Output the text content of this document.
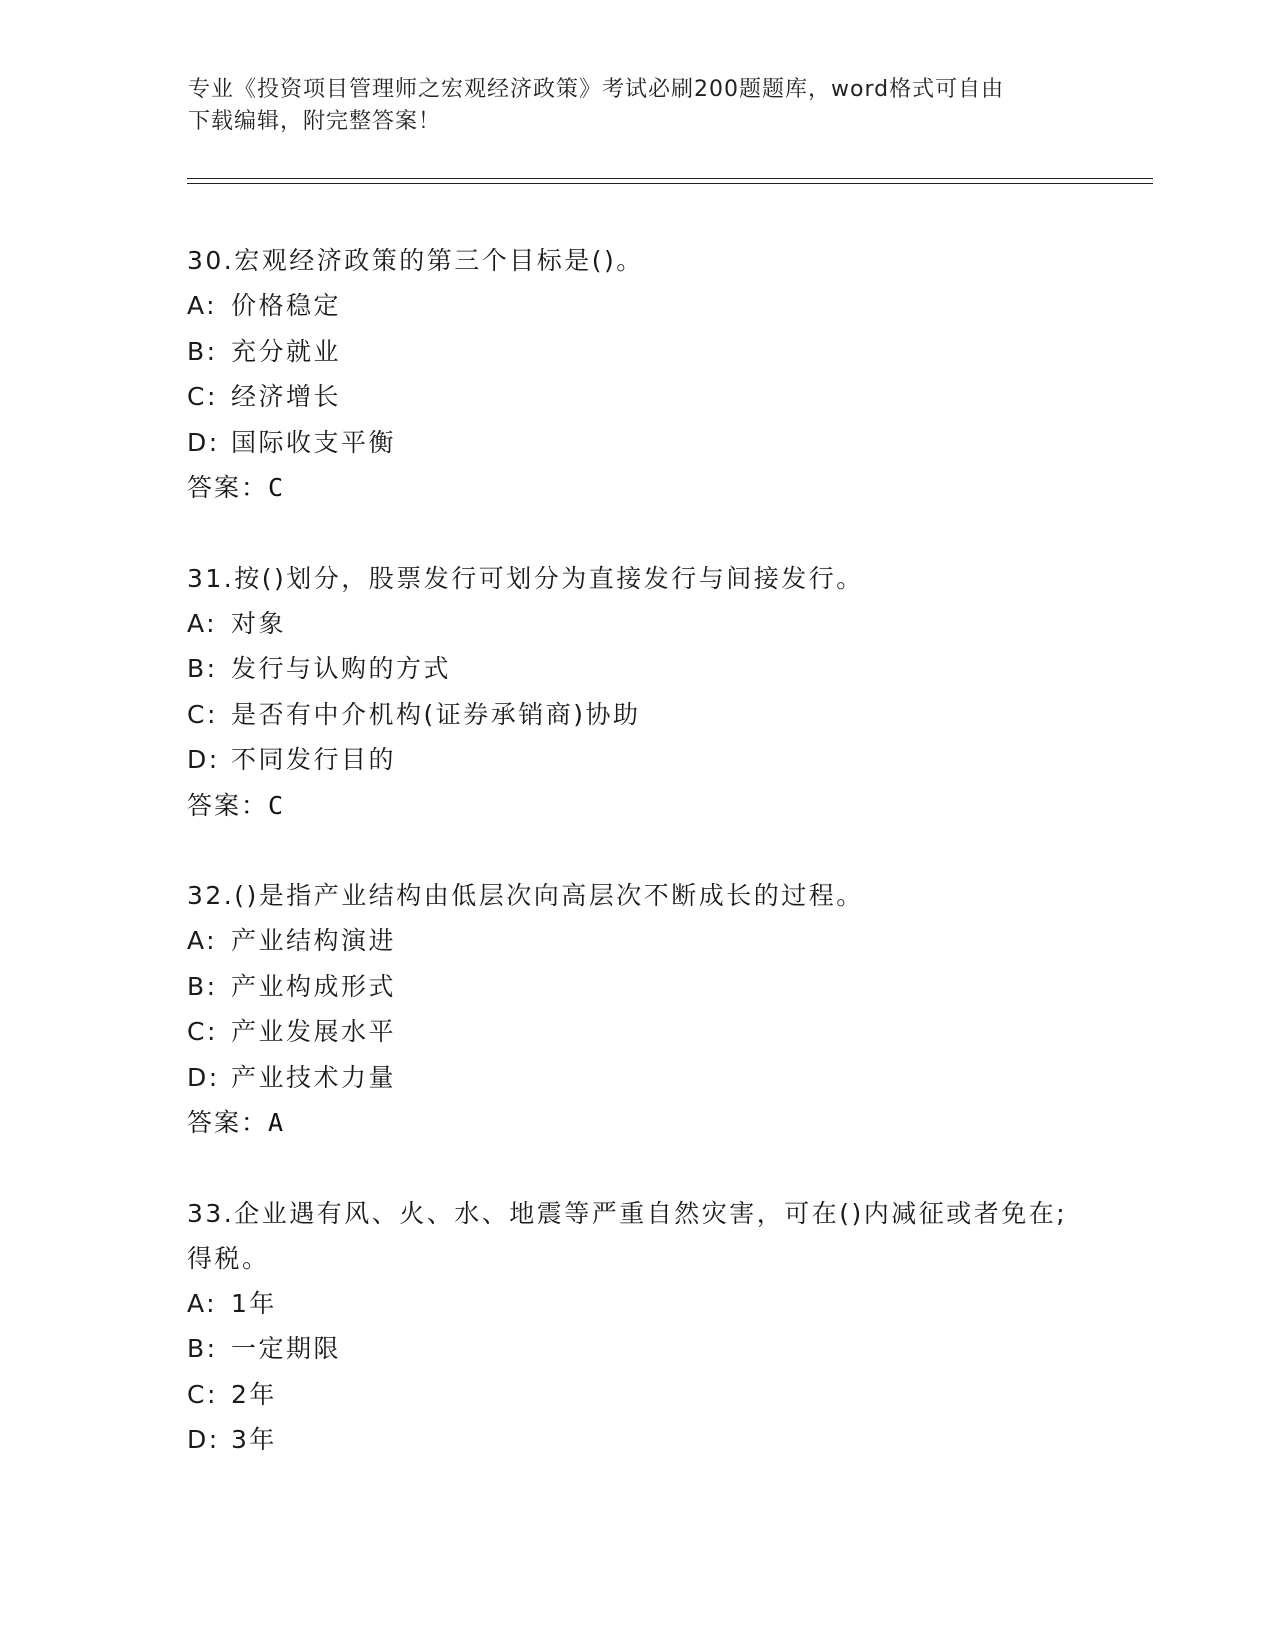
专业《投资项目管理师之宏观经济政策》考试必刷200题题库，word格式可自由
下载编辑，附完整答案！
30.宏观经济政策的第三个目标是()。
A: 价格稳定
B: 充分就业
C: 经济增长
D: 国际收支平衡
答案：C
31.按()划分，股票发行可划分为直接发行与间接发行。
A: 对象
B: 发行与认购的方式
C: 是否有中介机构(证券承销商)协助
D: 不同发行目的
答案：C
32.()是指产业结构由低层次向高层次不断成长的过程。
A: 产业结构演进
B: 产业构成形式
C: 产业发展水平
D: 产业技术力量
答案：A
33.企业遇有风、火、水、地震等严重自然灾害，可在()内减征或者免在;得税。
A: 1年
B: 一定期限
C: 2年
D: 3年
